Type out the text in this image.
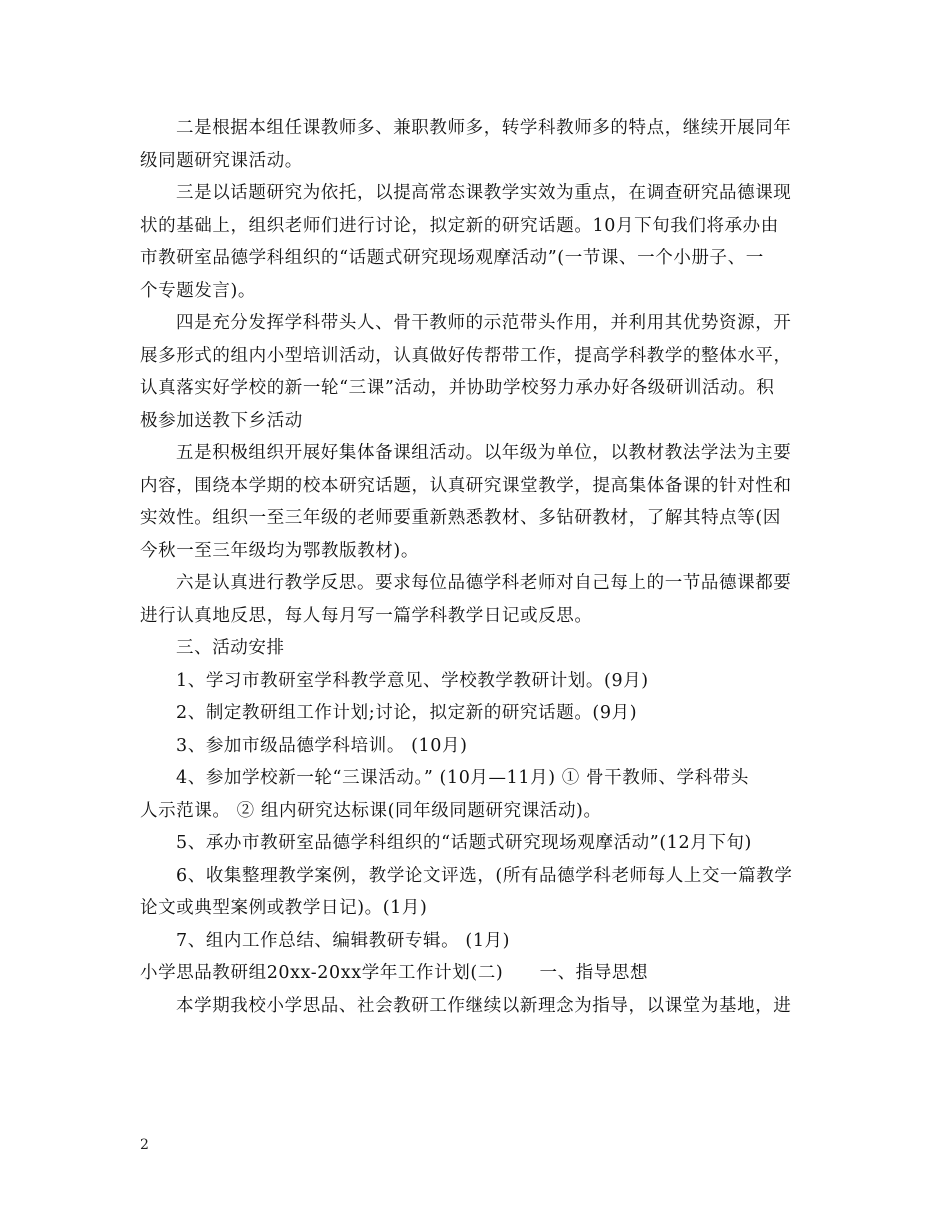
二是根据本组任课教师多、兼职教师多，转学科教师多的特点，继续开展同年
级同题研究课活动。
三是以话题研究为依托，以提高常态课教学实效为重点，在调查研究品德课现
状的基础上，组织老师们进行讨论，拟定新的研究话题。10月下旬我们将承办由
市教研室品德学科组织的“话题式研究现场观摩活动”(一节课、一个小册子、一
个专题发言)。
四是充分发挥学科带头人、骨干教师的示范带头作用，并利用其优势资源，开
展多形式的组内小型培训活动，认真做好传帮带工作，提高学科教学的整体水平，
认真落实好学校的新一轮“三课”活动，并协助学校努力承办好各级研训活动。积
极参加送教下乡活动
五是积极组织开展好集体备课组活动。以年级为单位，以教材教法学法为主要
内容，围绕本学期的校本研究话题，认真研究课堂教学，提高集体备课的针对性和
实效性。组织一至三年级的老师要重新熟悉教材、多钻研教材，了解其特点等(因
今秋一至三年级均为鄂教版教材)。
六是认真进行教学反思。要求每位品德学科老师对自己每上的一节品德课都要
进行认真地反思，每人每月写一篇学科教学日记或反思。
三、活动安排
1、学习市教研室学科教学意见、学校教学教研计划。(9月)
2、制定教研组工作计划;讨论，拟定新的研究话题。(9月)
3、参加市级品德学科培训。 (10月)
4、参加学校新一轮“三课活动。” (10月—11月) ① 骨干教师、学科带头
人示范课。 ② 组内研究达标课(同年级同题研究课活动)。
5、承办市教研室品德学科组织的“话题式研究现场观摩活动”(12月下旬)
6、收集整理教学案例，教学论文评选，(所有品德学科老师每人上交一篇教学
论文或典型案例或教学日记)。(1月)
7、组内工作总结、编辑教研专辑。 (1月)
小学思品教研组20xx-20xx学年工作计划(二)　　一、指导思想
本学期我校小学思品、社会教研工作继续以新理念为指导，以课堂为基地，进
2
